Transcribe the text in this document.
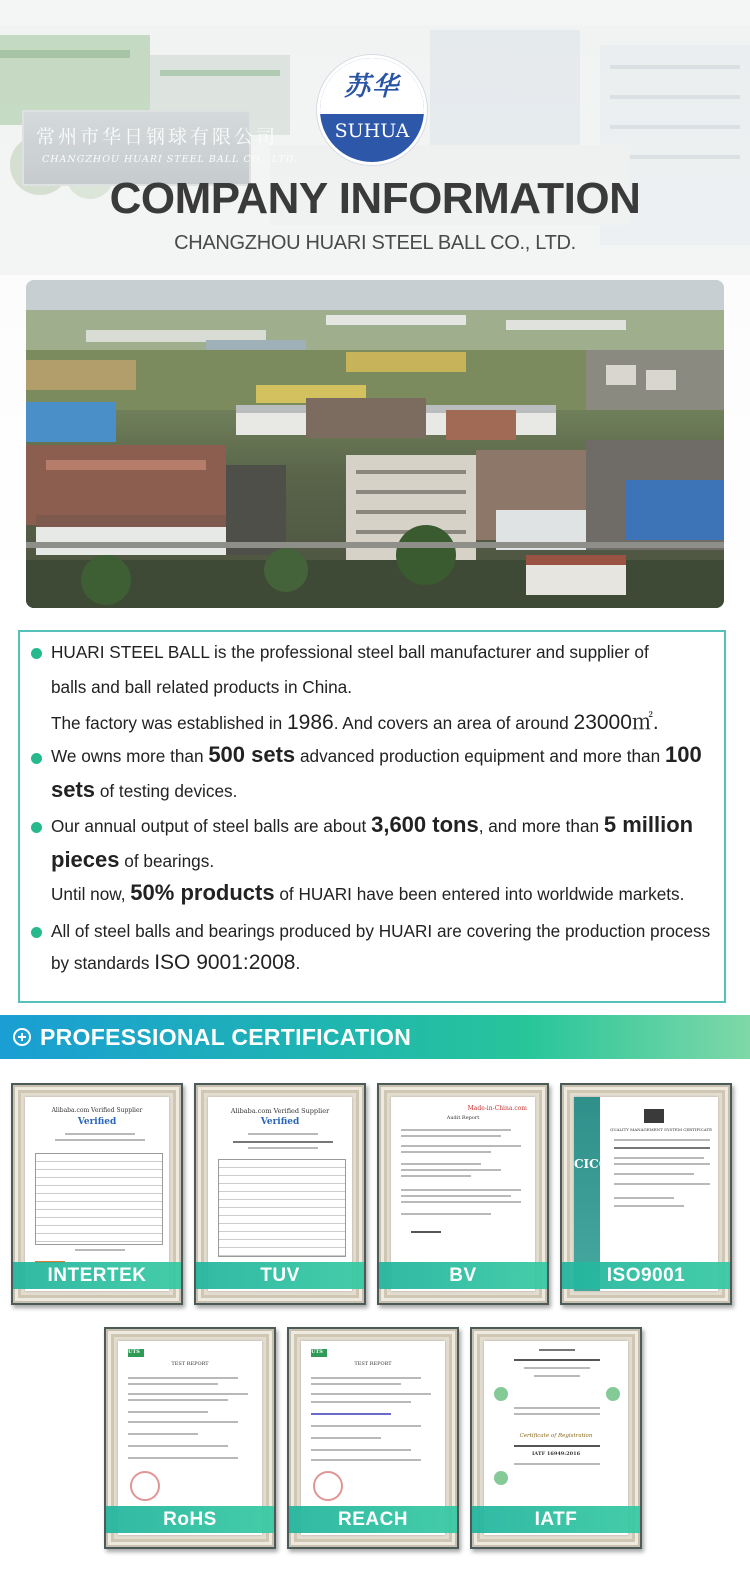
常州市华日钢球有限公司
CHANGZHOU HUARI STEEL BALL CO., LTD.
苏华
SUHUA
COMPANY INFORMATION
CHANGZHOU HUARI STEEL BALL CO., LTD.
HUARI STEEL BALL is the professional steel ball manufacturer and supplier of
balls and ball related products in China.
The factory was established in 1986. And covers an area of around 23000㎡.
We owns more than 500 sets advanced production equipment and more than 100
sets of testing devices.
Our annual output of steel balls are about 3,600 tons, and more than 5 million
pieces of bearings.
Until now, 50% products of HUARI have been entered into worldwide markets.
All of steel balls and bearings produced by HUARI are covering the production process
by standards ISO 9001:2008.
PROFESSIONAL CERTIFICATION
Alibaba.com Verified Supplier
Verified
INTERTEK
Alibaba.com Verified Supplier
Verified
TUV
Made-in-China.com
Audit Report
BV
CICC
QUALITY MANAGEMENT SYSTEM CERTIFICATE
ISO9001
UTS
TEST REPORT
RoHS
UTS
TEST REPORT
REACH
Certificate of Registration
IATF 16949:2016
IATF
